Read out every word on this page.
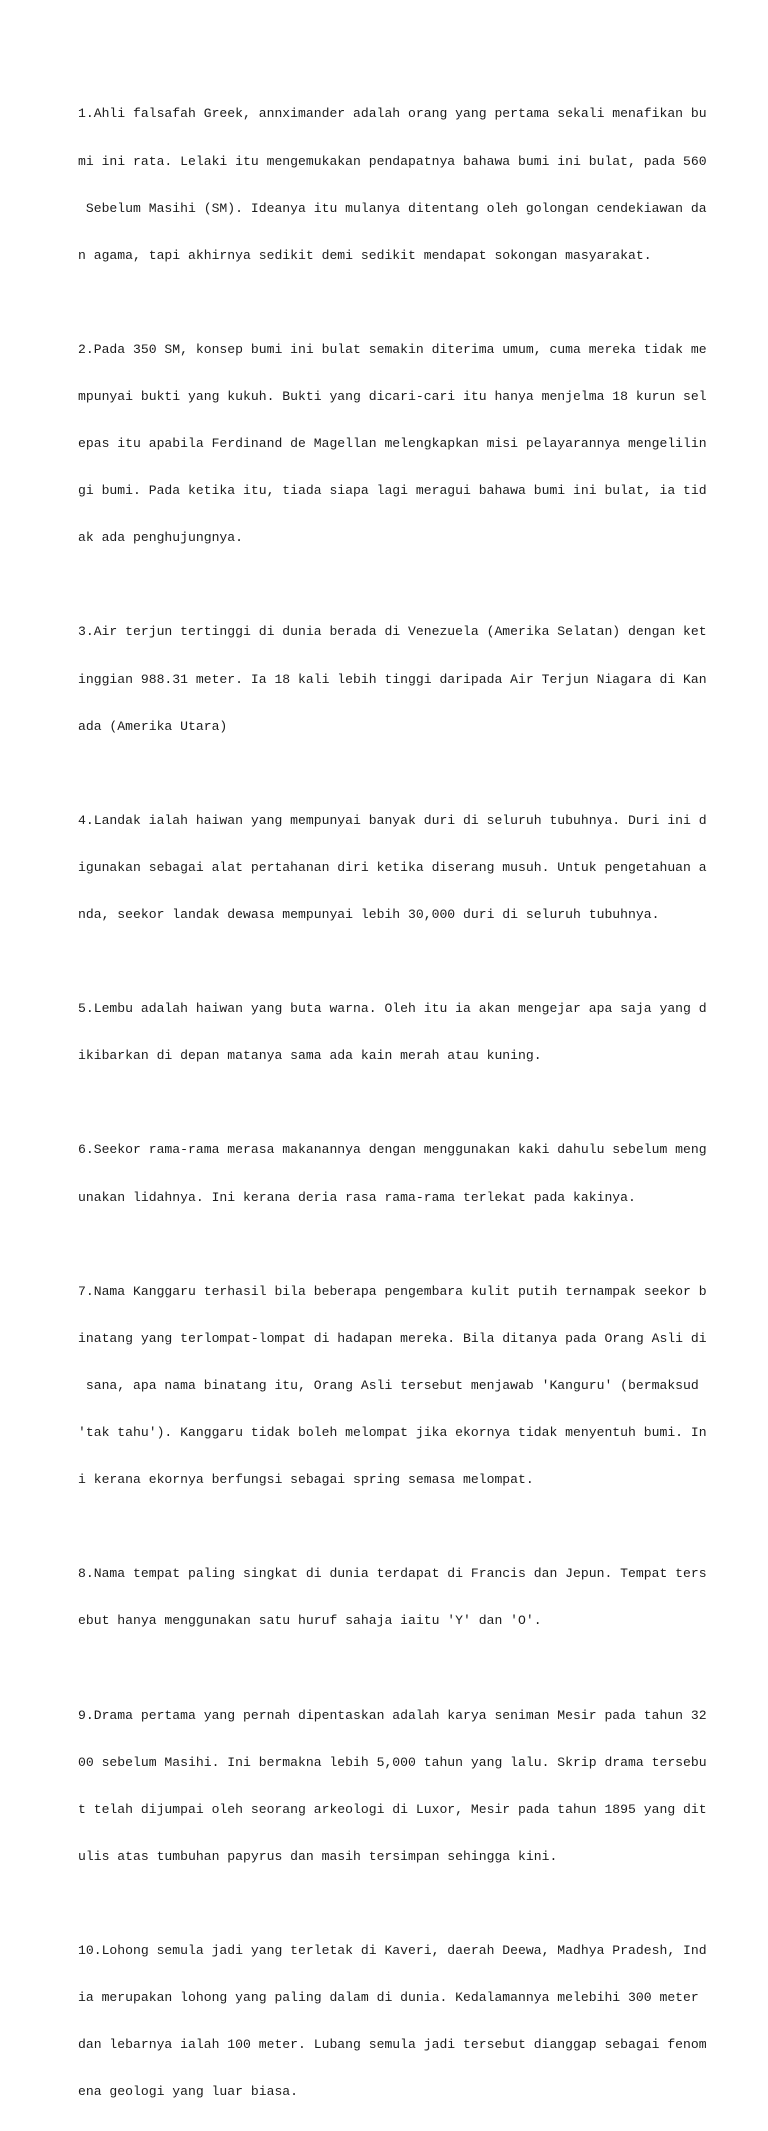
1.Ahli falsafah Greek, annximander adalah orang yang pertama sekali menafikan bu

mi ini rata. Lelaki itu mengemukakan pendapatnya bahawa bumi ini bulat, pada 560

Sebelum Masihi (SM). Ideanya itu mulanya ditentang oleh golongan cendekiawan da

n agama, tapi akhirnya sedikit demi sedikit mendapat sokongan masyarakat.

2.Pada 350 SM, konsep bumi ini bulat semakin diterima umum, cuma mereka tidak me

mpunyai bukti yang kukuh. Bukti yang dicari-cari itu hanya menjelma 18 kurun sel

epas itu apabila Ferdinand de Magellan melengkapkan misi pelayarannya mengelilin

gi bumi. Pada ketika itu, tiada siapa lagi meragui bahawa bumi ini bulat, ia tid

ak ada penghujungnya.

3.Air terjun tertinggi di dunia berada di Venezuela (Amerika Selatan) dengan ket

inggian 988.31 meter. Ia 18 kali lebih tinggi daripada Air Terjun Niagara di Kan

ada (Amerika Utara)

4.Landak ialah haiwan yang mempunyai banyak duri di seluruh tubuhnya. Duri ini d

igunakan sebagai alat pertahanan diri ketika diserang musuh. Untuk pengetahuan a

nda, seekor landak dewasa mempunyai lebih 30,000 duri di seluruh tubuhnya.

5.Lembu adalah haiwan yang buta warna. Oleh itu ia akan mengejar apa saja yang d

ikibarkan di depan matanya sama ada kain merah atau kuning.

6.Seekor rama-rama merasa makanannya dengan menggunakan kaki dahulu sebelum meng

unakan lidahnya. Ini kerana deria rasa rama-rama terlekat pada kakinya.

7.Nama Kanggaru terhasil bila beberapa pengembara kulit putih ternampak seekor b

inatang yang terlompat-lompat di hadapan mereka. Bila ditanya pada Orang Asli di

sana, apa nama binatang itu, Orang Asli tersebut menjawab 'Kanguru' (bermaksud

'tak tahu'). Kanggaru tidak boleh melompat jika ekornya tidak menyentuh bumi. In

i kerana ekornya berfungsi sebagai spring semasa melompat.

8.Nama tempat paling singkat di dunia terdapat di Francis dan Jepun. Tempat ters

ebut hanya menggunakan satu huruf sahaja iaitu 'Y' dan 'O'.

9.Drama pertama yang pernah dipentaskan adalah karya seniman Mesir pada tahun 32

00 sebelum Masihi. Ini bermakna lebih 5,000 tahun yang lalu. Skrip drama tersebu

t telah dijumpai oleh seorang arkeologi di Luxor, Mesir pada tahun 1895 yang dit

ulis atas tumbuhan papyrus dan masih tersimpan sehingga kini.

10.Lohong semula jadi yang terletak di Kaveri, daerah Deewa, Madhya Pradesh, Ind

ia merupakan lohong yang paling dalam di dunia. Kedalamannya melebihi 300 meter

dan lebarnya ialah 100 meter. Lubang semula jadi tersebut dianggap sebagai fenom

ena geologi yang luar biasa.
